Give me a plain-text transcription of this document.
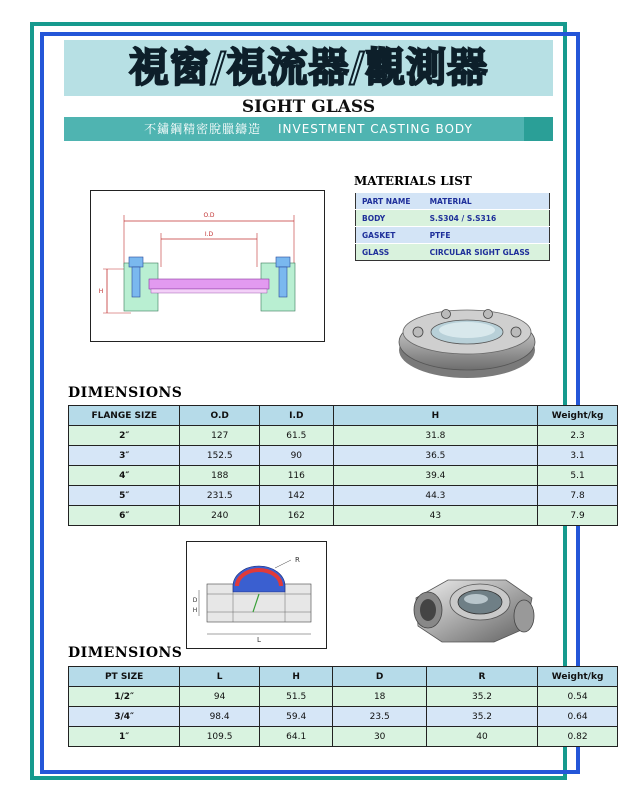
視窗/視流器/觀測器
SIGHT GLASS
不鏽鋼精密脫臘鑄造 INVESTMENT CASTING BODY
O.D
I.D
H
MATERIALS LIST
PART NAME	MATERIAL
BODY	S.S304 / S.S316
GASKET	PTFE
GLASS	CIRCULAR SIGHT GLASS
DIMENSIONS
FLANGE SIZE	O.D	I.D	H	Weight/kg
2″	127	61.5	31.8	2.3
3″	152.5	90	36.5	3.1
4″	188	116	39.4	5.1
5″	231.5	142	44.3	7.8
6″	240	162	43	7.9
R
L
D
H
DIMENSIONS
PT SIZE	L	H	D	R	Weight/kg
1/2″	94	51.5	18	35.2	0.54
3/4″	98.4	59.4	23.5	35.2	0.64
1″	109.5	64.1	30	40	0.82
